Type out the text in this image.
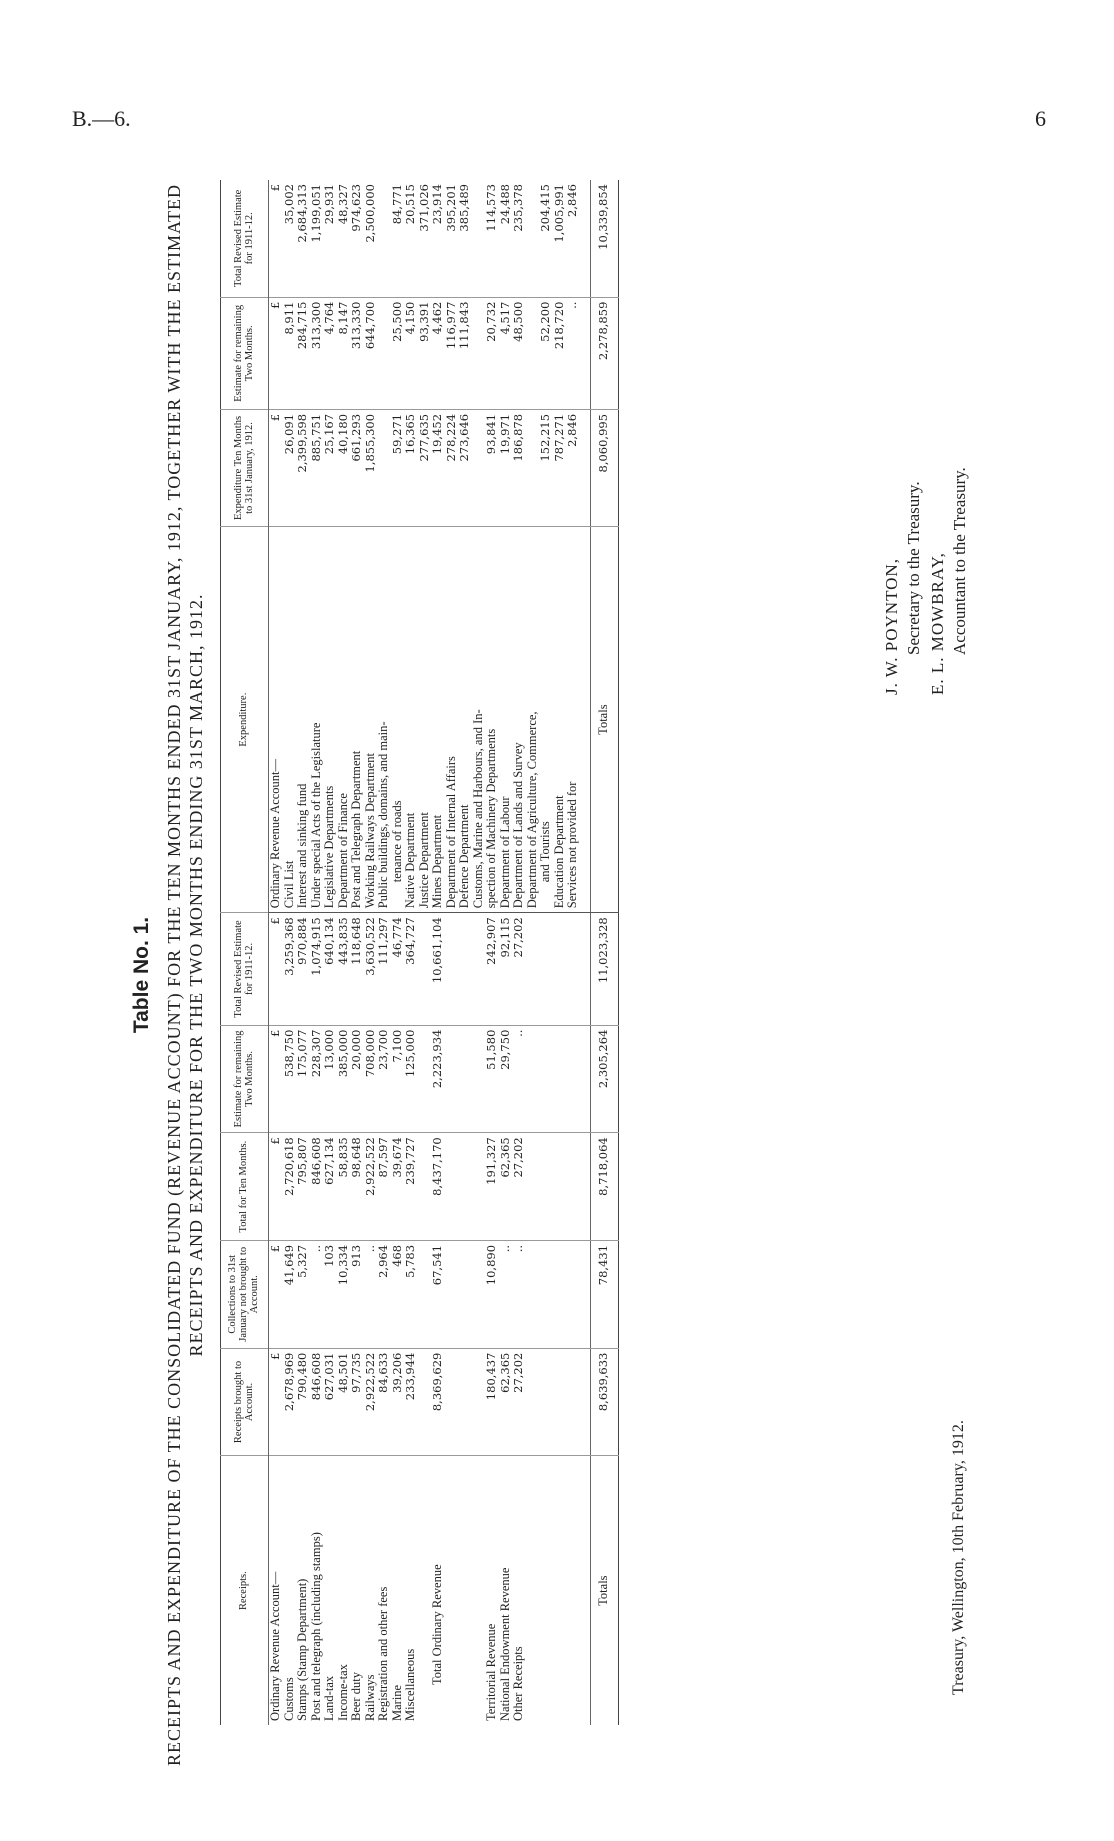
B.—6.	6
Table No. 1. RECEIPTS AND EXPENDITURE OF THE CONSOLIDATED FUND (REVENUE ACCOUNT) FOR THE TEN MONTHS ENDED 31ST JANUARY, 1912, TOGETHER WITH THE ESTIMATED RECEIPTS AND EXPENDITURE FOR THE TWO MONTHS ENDING 31ST MARCH, 1912.
Receipts.	Receipts brought to Account.	Collections to 31st January not brought to Account.	Total for Ten Months.	Estimate for remaining Two Months.	Total Revised Estimate for 1911-12.	Expenditure.	Expenditure Ten Months to 31st January, 1912.	Estimate for remaining Two Months.	Total Revised Estimate for 1911-12.
Ordinary Revenue Account—	£	£	£	£	£	Ordinary Revenue Account—	£	£	£
Customs	2,678,969	41,649	2,720,618	538,750	3,259,368	Civil List	26,091	8,911	35,002
Stamps (Stamp Department)	790,480	5,327	795,807	175,077	970,884	Interest and sinking fund	2,399,598	284,715	2,684,313
Post and telegraph (including stamps)	846,608	..	846,608	228,307	1,074,915	Under special Acts of the Legislature	885,751	313,300	1,199,051
Land-tax	627,031	103	627,134	13,000	640,134	Legislative Departments	25,167	4,764	29,931
Income-tax	48,501	10,334	58,835	385,000	443,835	Department of Finance	40,180	8,147	48,327
Beer duty	97,735	913	98,648	20,000	118,648	Post and Telegraph Department	661,293	313,330	974,623
Railways	2,922,522	..	2,922,522	708,000	3,630,522	Working Railways Department	1,855,300	644,700	2,500,000
Registration and other fees	84,633	2,964	87,597	23,700	111,297	Public buildings, domains, and main-			
Marine	39,206	468	39,674	7,100	46,774	tenance of roads	59,271	25,500	84,771
Miscellaneous	233,944	5,783	239,727	125,000	364,727	Native Department	16,365	4,150	20,515
						Justice Department	277,635	93,391	371,026
Total Ordinary Revenue	8,369,629	67,541	8,437,170	2,223,934	10,661,104	Mines Department	19,452	4,462	23,914
						Department of Internal Affairs	278,224	116,977	395,201
						Defence Department	273,646	111,843	385,489
						Customs, Marine and Harbours, and In-			
Territorial Revenue	180,437	10,890	191,327	51,580	242,907	spection of Machinery Departments	93,841	20,732	114,573
National Endowment Revenue	62,365	..	62,365	29,750	92,115	Department of Labour	19,971	4,517	24,488
Other Receipts	27,202	..	27,202	..	27,202	Department of Lands and Survey	186,878	48,500	235,378
						Department of Agriculture, Commerce,			
						and Tourists	152,215	52,200	204,415
						Education Department	787,271	218,720	1,005,991
						Services not provided for	2,846	..	2,846
Totals	8,639,633	78,431	8,718,064	2,305,264	11,023,328	Totals	8,060,995	2,278,859	10,339,854
Treasury, Wellington, 10th February, 1912.
J. W. POYNTON, Secretary to the Treasury. E. L. MOWBRAY, Accountant to the Treasury.
